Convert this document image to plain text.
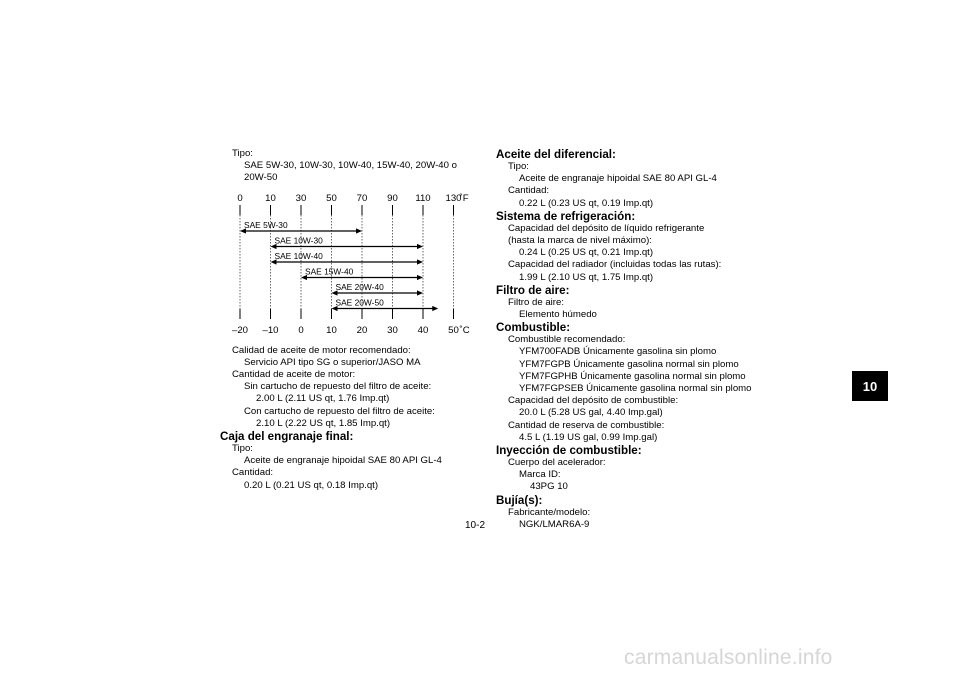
Tipo:
SAE 5W-30, 10W-30, 10W-40, 15W-40, 20W-40 o 20W-50
0
–20
10
–10
30
0
50
10
70
20
90
30
110
40
130
50
˚F
˚C
SAE 5W-30
SAE 10W-30
SAE 10W-40
SAE 15W-40
SAE 20W-40
SAE 20W-50
Calidad de aceite de motor recomendado:
Servicio API tipo SG o superior/JASO MA
Cantidad de aceite de motor:
Sin cartucho de repuesto del filtro de aceite:
2.00 L (2.11 US qt, 1.76 Imp.qt)
Con cartucho de repuesto del filtro de aceite:
2.10 L (2.22 US qt, 1.85 Imp.qt)
Caja del engranaje final:
Tipo:
Aceite de engranaje hipoidal SAE 80 API GL-4
Cantidad:
0.20 L (0.21 US qt, 0.18 Imp.qt)
Aceite del diferencial:
Tipo:
Aceite de engranaje hipoidal SAE 80 API GL-4
Cantidad:
0.22 L (0.23 US qt, 0.19 Imp.qt)
Sistema de refrigeración:
Capacidad del depósito de líquido refrigerante (hasta la marca de nivel máximo):
0.24 L (0.25 US qt, 0.21 Imp.qt)
Capacidad del radiador (incluidas todas las rutas):
1.99 L (2.10 US qt, 1.75 Imp.qt)
Filtro de aire:
Filtro de aire:
Elemento húmedo
Combustible:
Combustible recomendado:
YFM700FADB Únicamente gasolina sin plomo
YFM7FGPB Únicamente gasolina normal sin plomo
YFM7FGPHB Únicamente gasolina normal sin plomo
YFM7FGPSEB Únicamente gasolina normal sin plomo
Capacidad del depósito de combustible:
20.0 L (5.28 US gal, 4.40 Imp.gal)
Cantidad de reserva de combustible:
4.5 L (1.19 US gal, 0.99 Imp.gal)
Inyección de combustible:
Cuerpo del acelerador:
Marca ID:
43PG 10
Bujía(s):
Fabricante/modelo:
NGK/LMAR6A-9
10
10-2
carmanualsonline.info
